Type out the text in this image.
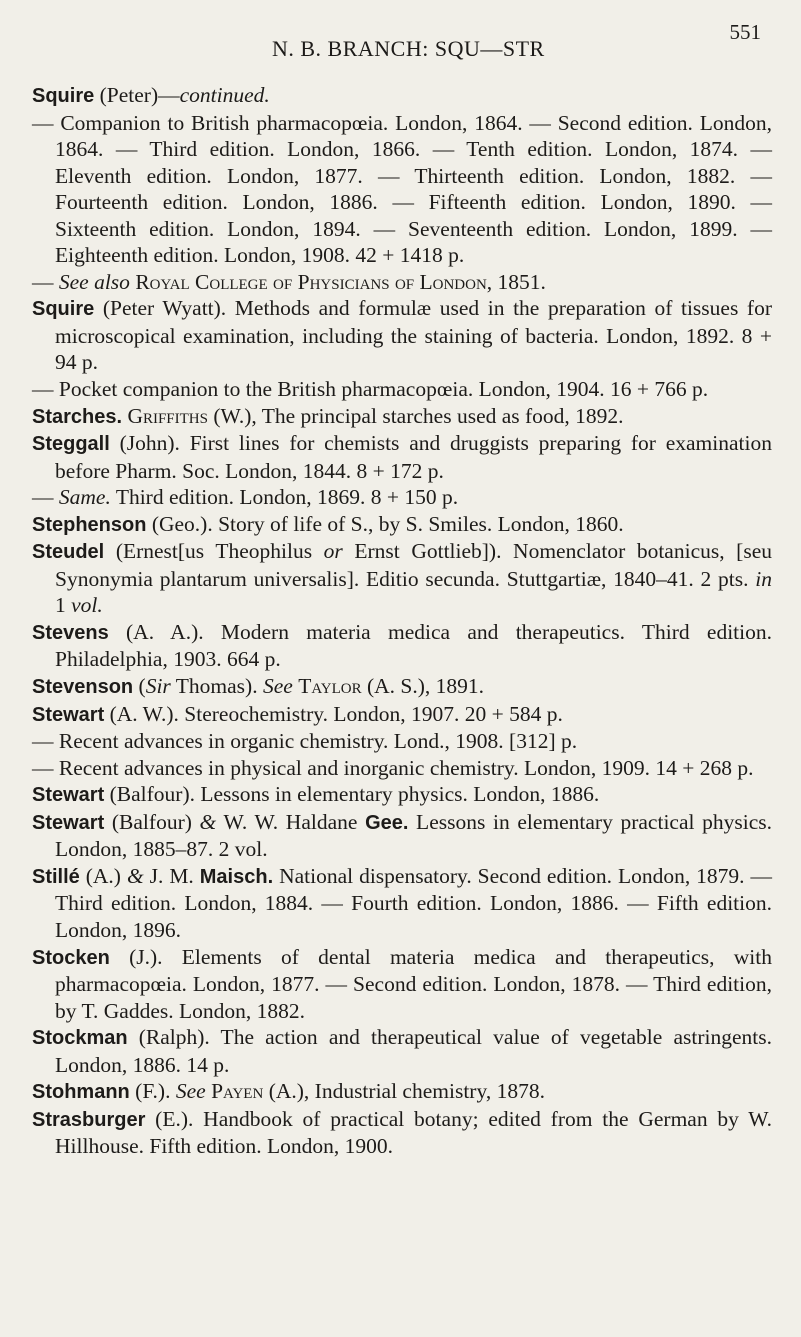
N. B. BRANCH: SQU—STR
551
Squire (Peter)—continued.
— Companion to British pharmacopœia. London, 1864. — Second edition. London, 1864. — Third edition. London, 1866. — Tenth edition. London, 1874. — Eleventh edition. London, 1877. — Thirteenth edition. London, 1882. — Fourteenth edition. London, 1886. — Fifteenth edition. London, 1890. — Sixteenth edition. London, 1894. — Seventeenth edition. London, 1899. — Eighteenth edition. London, 1908. 42 + 1418 p.
— See also Royal College of Physicians of London, 1851.
Squire (Peter Wyatt). Methods and formulæ used in the preparation of tissues for microscopical examination, including the staining of bacteria. London, 1892. 8 + 94 p.
— Pocket companion to the British pharmacopœia. London, 1904. 16 + 766 p.
Starches. Griffiths (W.), The principal starches used as food, 1892.
Steggall (John). First lines for chemists and druggists preparing for examination before Pharm. Soc. London, 1844. 8 + 172 p.
— Same. Third edition. London, 1869. 8 + 150 p.
Stephenson (Geo.). Story of life of S., by S. Smiles. London, 1860.
Steudel (Ernest[us Theophilus or Ernst Gottlieb]). Nomenclator botanicus, [seu Synonymia plantarum universalis]. Editio secunda. Stuttgartiæ, 1840–41. 2 pts. in 1 vol.
Stevens (A. A.). Modern materia medica and therapeutics. Third edition. Philadelphia, 1903. 664 p.
Stevenson (Sir Thomas). See Taylor (A. S.), 1891.
Stewart (A. W.). Stereochemistry. London, 1907. 20 + 584 p.
— Recent advances in organic chemistry. Lond., 1908. [312] p.
— Recent advances in physical and inorganic chemistry. London, 1909. 14 + 268 p.
Stewart (Balfour). Lessons in elementary physics. London, 1886.
Stewart (Balfour) & W. W. Haldane Gee. Lessons in elementary practical physics. London, 1885–87. 2 vol.
Stillé (A.) & J. M. Maisch. National dispensatory. Second edition. London, 1879. — Third edition. London, 1884. — Fourth edition. London, 1886. — Fifth edition. London, 1896.
Stocken (J.). Elements of dental materia medica and therapeutics, with pharmacopœia. London, 1877. — Second edition. London, 1878. — Third edition, by T. Gaddes. London, 1882.
Stockman (Ralph). The action and therapeutical value of vegetable astringents. London, 1886. 14 p.
Stohmann (F.). See Payen (A.), Industrial chemistry, 1878.
Strasburger (E.). Handbook of practical botany; edited from the German by W. Hillhouse. Fifth edition. London, 1900.
